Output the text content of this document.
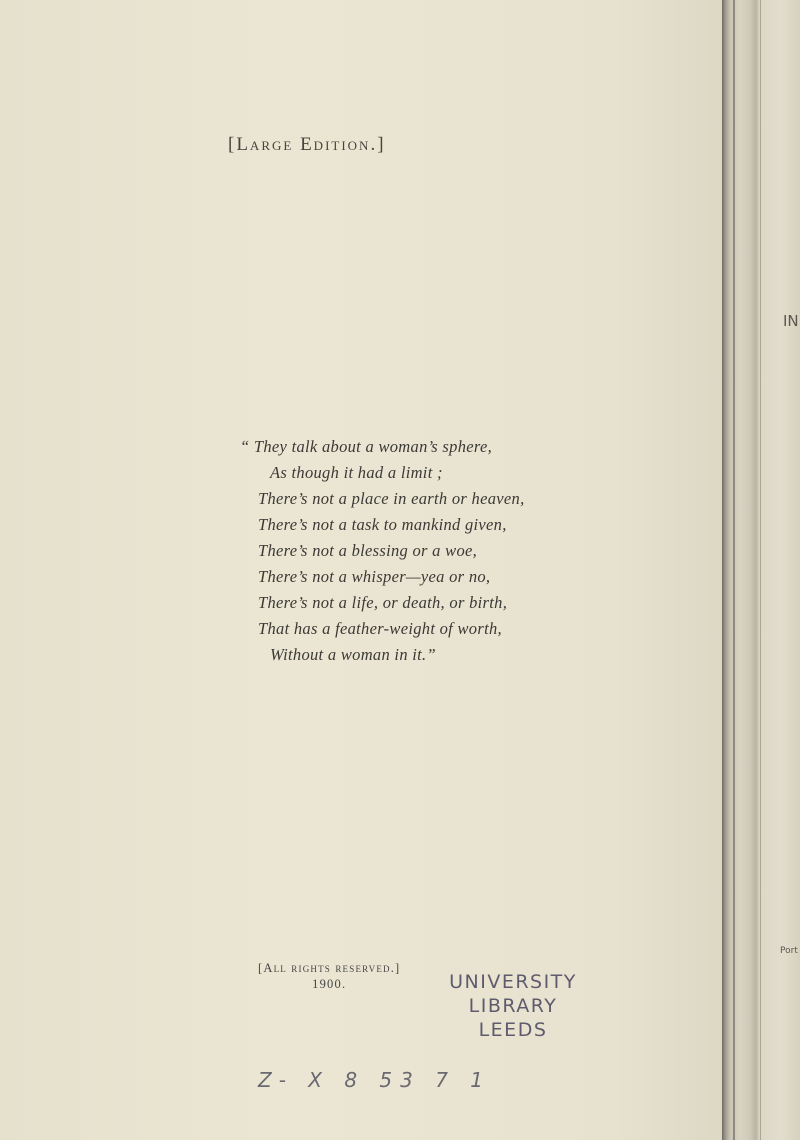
IN
Port
[Large Edition.]
“ They talk about a woman’s sphere,
As though it had a limit ;
There’s not a place in earth or heaven,
There’s not a task to mankind given,
There’s not a blessing or a woe,
There’s not a whisper—yea or no,
There’s not a life, or death, or birth,
That has a feather-weight of worth,
Without a woman in it.”
[All rights reserved.]
1900.	UNIVERSITY
LIBRARY
LEEDS
Z- X 8 53 7 1
